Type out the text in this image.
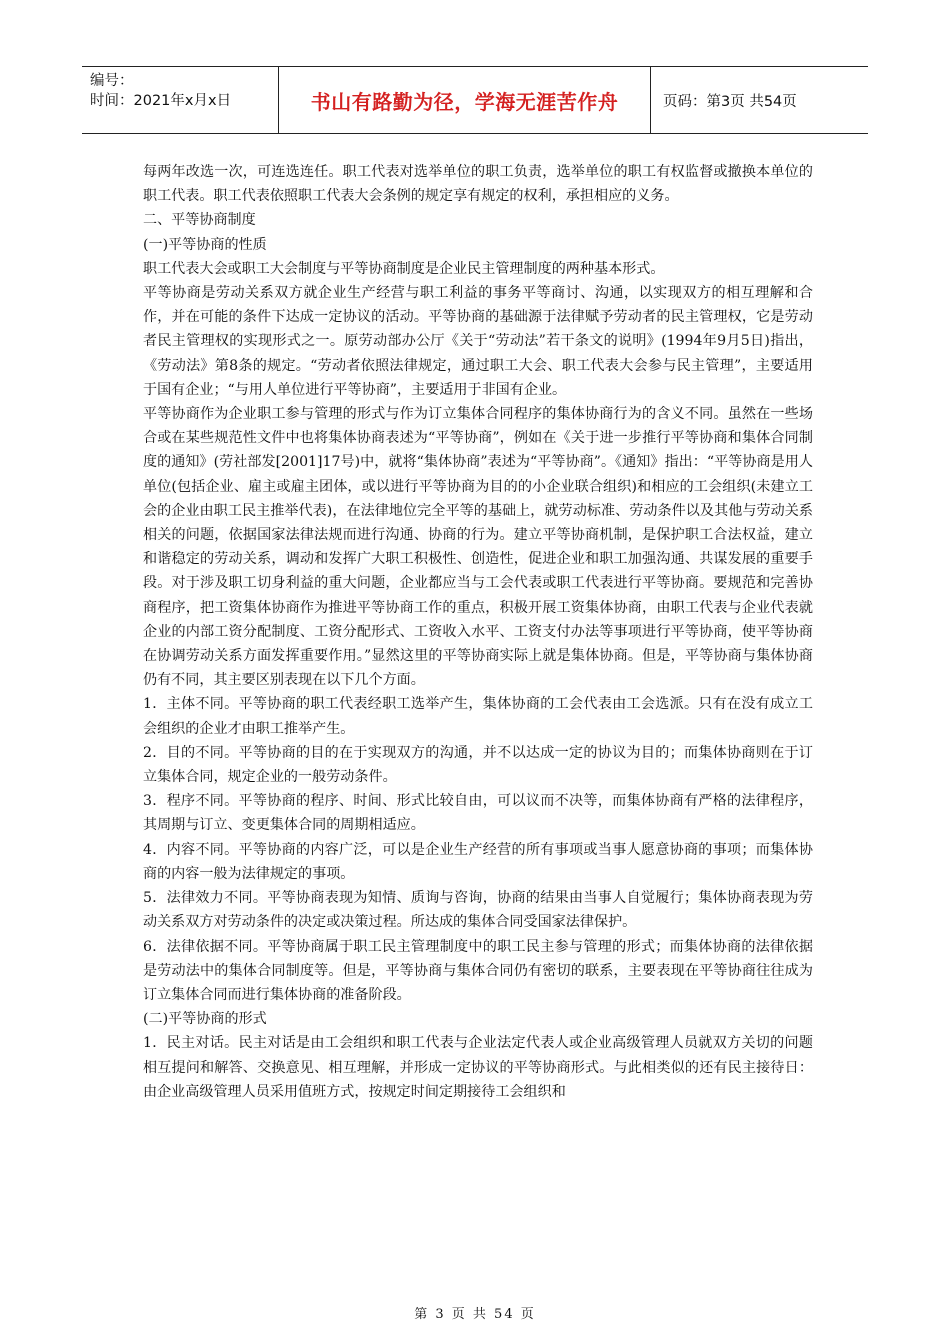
编号：
时间：2021年x月x日	书山有路勤为径，学海无涯苦作舟	页码：第3页 共54页

每两年改选一次，可连选连任。职工代表对选举单位的职工负责，选举单位的职工有权监督或撤换本单位的职工代表。职工代表依照职工代表大会条例的规定享有规定的权利，承担相应的义务。

二、平等协商制度

(一)平等协商的性质

职工代表大会或职工大会制度与平等协商制度是企业民主管理制度的两种基本形式。

平等协商是劳动关系双方就企业生产经营与职工利益的事务平等商讨、沟通，以实现双方的相互理解和合作，并在可能的条件下达成一定协议的活动。平等协商的基础源于法律赋予劳动者的民主管理权，它是劳动者民主管理权的实现形式之一。原劳动部办公厅《关于“劳动法”若干条文的说明》(1994年9月5日)指出，《劳动法》第8条的规定。“劳动者依照法律规定，通过职工大会、职工代表大会参与民主管理”，主要适用于国有企业；“与用人单位进行平等协商”，主要适用于非国有企业。

平等协商作为企业职工参与管理的形式与作为订立集体合同程序的集体协商行为的含义不同。虽然在一些场合或在某些规范性文件中也将集体协商表述为“平等协商”，例如在《关于进一步推行平等协商和集体合同制度的通知》(劳社部发[2001]17号)中，就将“集体协商”表述为“平等协商”。《通知》指出：“平等协商是用人单位(包括企业、雇主或雇主团体，或以进行平等协商为目的的小企业联合组织)和相应的工会组织(未建立工会的企业由职工民主推举代表)，在法律地位完全平等的基础上，就劳动标准、劳动条件以及其他与劳动关系相关的问题，依据国家法律法规而进行沟通、协商的行为。建立平等协商机制，是保护职工合法权益，建立和谐稳定的劳动关系，调动和发挥广大职工积极性、创造性，促进企业和职工加强沟通、共谋发展的重要手段。对于涉及职工切身利益的重大问题，企业都应当与工会代表或职工代表进行平等协商。要规范和完善协商程序，把工资集体协商作为推进平等协商工作的重点，积极开展工资集体协商，由职工代表与企业代表就企业的内部工资分配制度、工资分配形式、工资收入水平、工资支付办法等事项进行平等协商，使平等协商在协调劳动关系方面发挥重要作用。”显然这里的平等协商实际上就是集体协商。但是，平等协商与集体协商仍有不同，其主要区别表现在以下几个方面。

1．主体不同。平等协商的职工代表经职工选举产生，集体协商的工会代表由工会选派。只有在没有成立工会组织的企业才由职工推举产生。

2．目的不同。平等协商的目的在于实现双方的沟通，并不以达成一定的协议为目的；而集体协商则在于订立集体合同，规定企业的一般劳动条件。

3．程序不同。平等协商的程序、时间、形式比较自由，可以议而不决等，而集体协商有严格的法律程序，其周期与订立、变更集体合同的周期相适应。

4．内容不同。平等协商的内容广泛，可以是企业生产经营的所有事项或当事人愿意协商的事项；而集体协商的内容一般为法律规定的事项。

5．法律效力不同。平等协商表现为知情、质询与咨询，协商的结果由当事人自觉履行；集体协商表现为劳动关系双方对劳动条件的决定或决策过程。所达成的集体合同受国家法律保护。

6．法律依据不同。平等协商属于职工民主管理制度中的职工民主参与管理的形式；而集体协商的法律依据是劳动法中的集体合同制度等。但是，平等协商与集体合同仍有密切的联系，主要表现在平等协商往往成为订立集体合同而进行集体协商的准备阶段。

(二)平等协商的形式

1．民主对话。民主对话是由工会组织和职工代表与企业法定代表人或企业高级管理人员就双方关切的问题相互提问和解答、交换意见、相互理解，并形成一定协议的平等协商形式。与此相类似的还有民主接待日：由企业高级管理人员采用值班方式，按规定时间定期接待工会组织和

第 3 页 共 54 页
